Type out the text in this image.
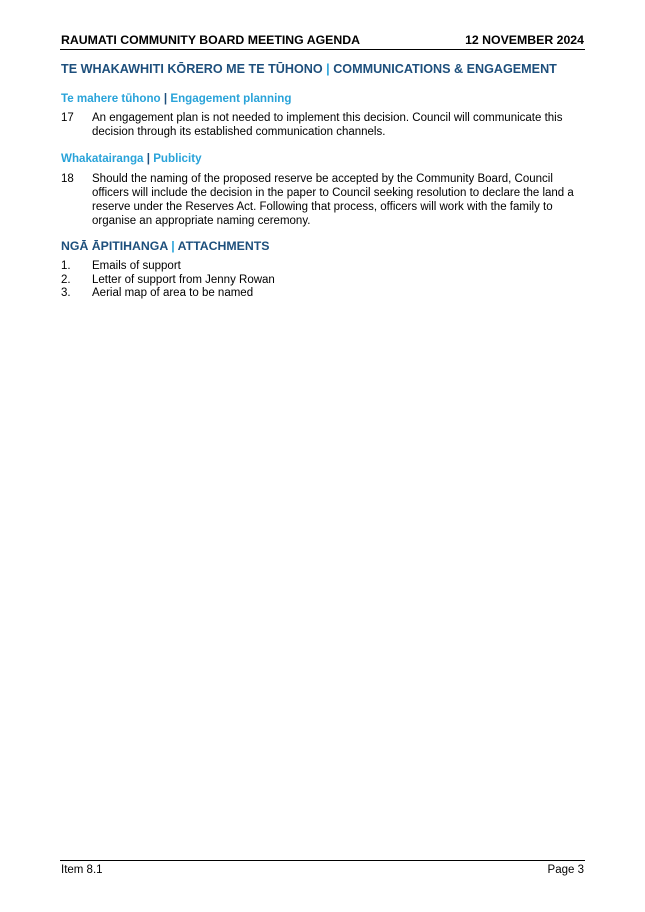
RAUMATI COMMUNITY BOARD MEETING AGENDA	12 NOVEMBER 2024
TE WHAKAWHITI KŌRERO ME TE TŪHONO | COMMUNICATIONS & ENGAGEMENT
Te mahere tūhono | Engagement planning
17 An engagement plan is not needed to implement this decision. Council will communicate this decision through its established communication channels.
Whakatairanga | Publicity
18 Should the naming of the proposed reserve be accepted by the Community Board, Council officers will include the decision in the paper to Council seeking resolution to declare the land a reserve under the Reserves Act. Following that process, officers will work with the family to organise an appropriate naming ceremony.
NGĀ ĀPITIHANGA | ATTACHMENTS
1. Emails of support
2. Letter of support from Jenny Rowan
3. Aerial map of area to be named
Item 8.1	Page 3
